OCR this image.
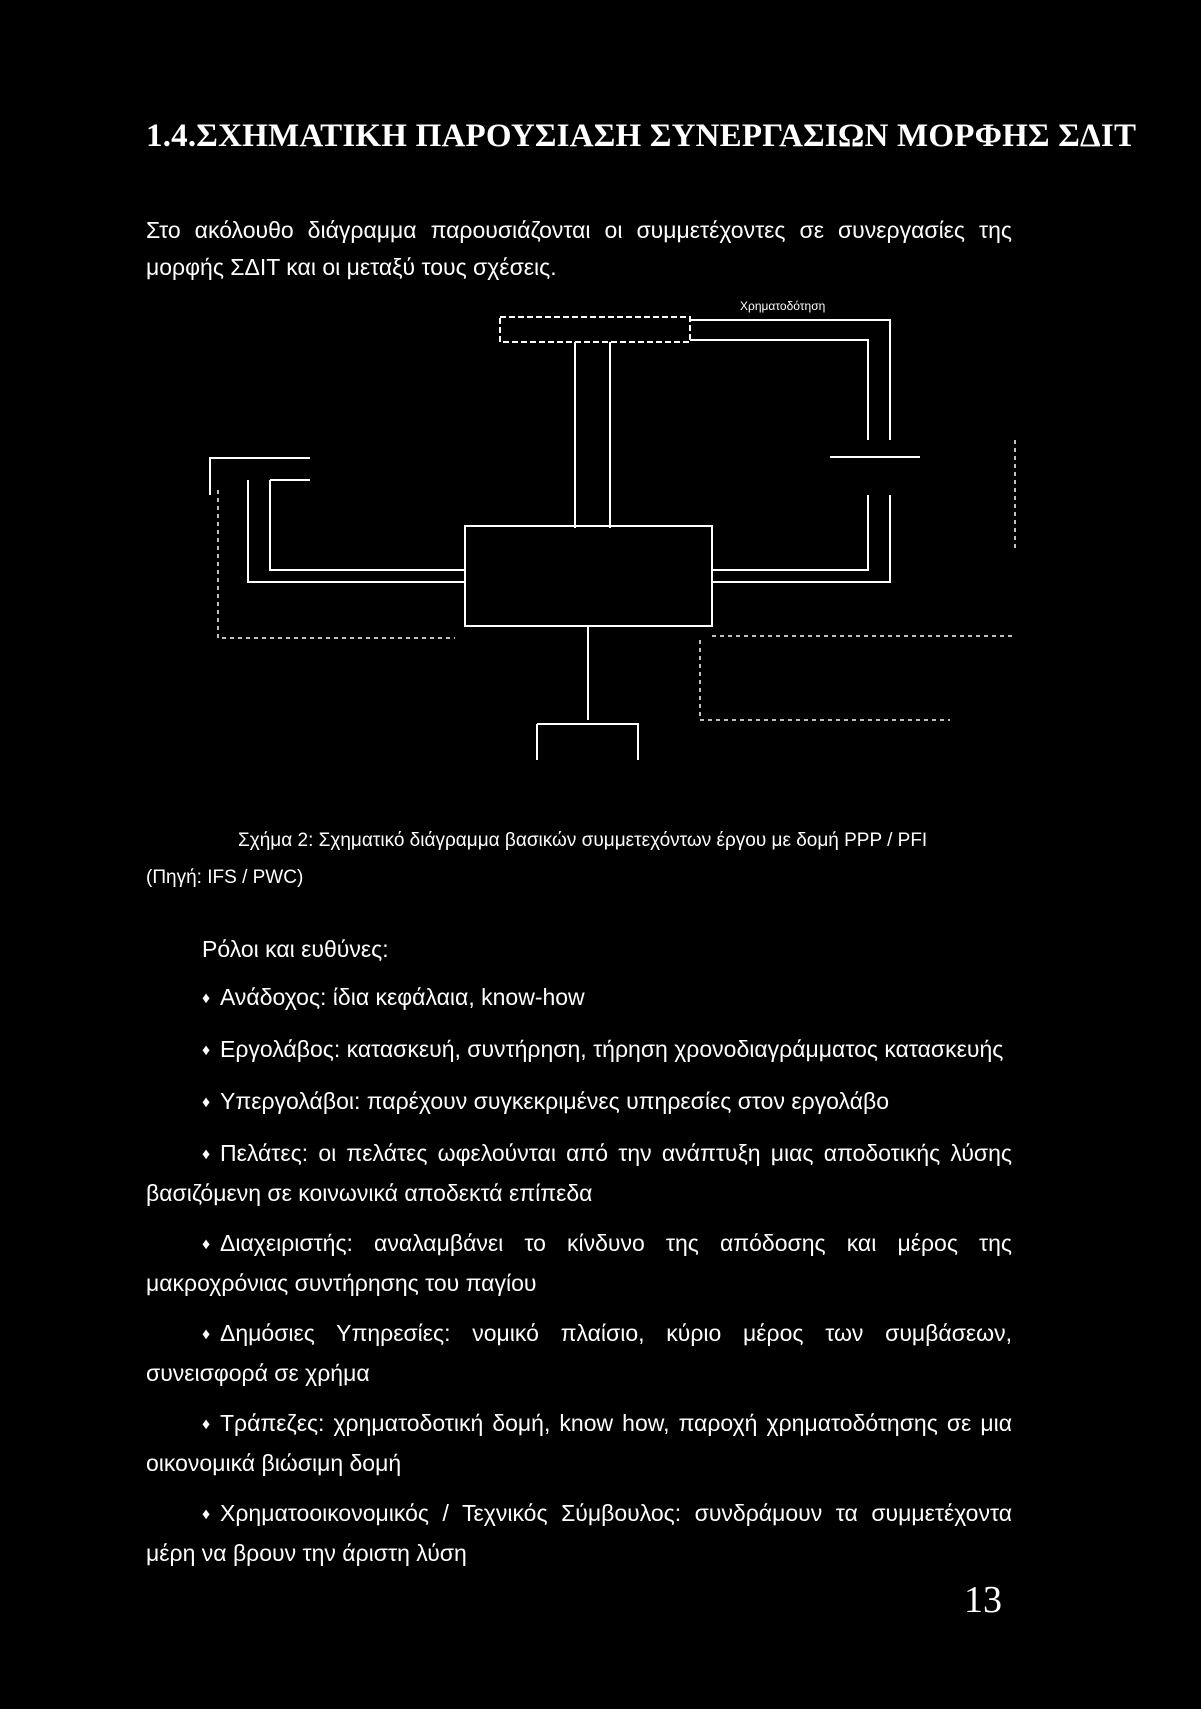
1.4.ΣΧΗΜΑΤΙΚΗ ΠΑΡΟΥΣΙΑΣΗ ΣΥΝΕΡΓΑΣΙΩΝ ΜΟΡΦΗΣ ΣΔΙΤ

Στο ακόλουθο διάγραμμα παρουσιάζονται οι συμμετέχοντες σε συνεργασίες της μορφής ΣΔΙΤ και οι μεταξύ τους σχέσεις.

Χρηματοδότηση

Σχήμα 2: Σχηματικό διάγραμμα βασικών συμμετεχόντων έργου με δομή PPP / PFI
(Πηγή: IFS / PWC)

Ρόλοι και ευθύνες:

♦ Ανάδοχος: ίδια κεφάλαια, know-how
♦ Εργολάβος: κατασκευή, συντήρηση, τήρηση χρονοδιαγράμματος κατασκευής
♦ Υπεργολάβοι: παρέχουν συγκεκριμένες υπηρεσίες στον εργολάβο
♦ Πελάτες: οι πελάτες ωφελούνται από την ανάπτυξη μιας αποδοτικής λύσης βασιζόμενη σε κοινωνικά αποδεκτά επίπεδα
♦ Διαχειριστής: αναλαμβάνει το κίνδυνο της απόδοσης και μέρος της μακροχρόνιας συντήρησης του παγίου
♦ Δημόσιες Υπηρεσίες: νομικό πλαίσιο, κύριο μέρος των συμβάσεων, συνεισφορά σε χρήμα
♦ Τράπεζες: χρηματοδοτική δομή, know how, παροχή χρηματοδότησης σε μια οικονομικά βιώσιμη δομή
♦ Χρηματοοικονομικός / Τεχνικός Σύμβουλος: συνδράμουν τα συμμετέχοντα μέρη να βρουν την άριστη λύση

13
